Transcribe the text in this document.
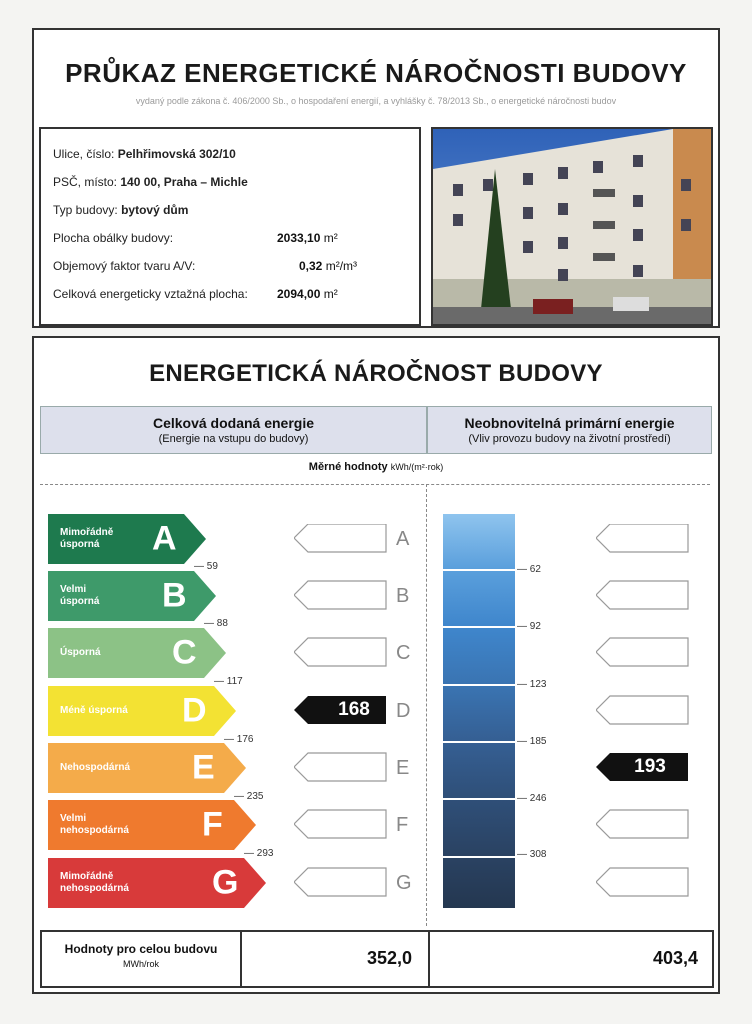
PRŮKAZ ENERGETICKÉ NÁROČNOSTI BUDOVY
vydaný podle zákona č. 406/2000 Sb., o hospodaření energií, a vyhlášky č. 78/2013 Sb., o energetické náročnosti budov
Ulice, číslo: Pelhřimovská 302/10
PSČ, místo: 140 00, Praha – Michle
Typ budovy: bytový dům
Plocha obálky budovy:	2033,10 m²
Objemový faktor tvaru A/V:	0,32 m²/m³
Celková energeticky vztažná plocha: 2094,00 m²
ENERGETICKÁ NÁROČNOST BUDOVY
Celková dodaná energie
(Energie na vstupu do budovy)
Neobnovitelná primární energie
(Vliv provozu budovy na životní prostředí)
Měrné hodnoty kWh/(m²·rok)
Mimořádně
úsporná	A
Velmi
úsporná B
Úsporná C
Méně úsporná D
Nehospodárná E
Velmi
nehospodárná F
Mimořádně
nehospodárná G
— 59
— 88
— 117
— 176
— 235
— 293
168
A
B
C
D
E
F
G
— 62
— 92
— 123
— 185
— 246
— 308
193
Hodnoty pro celou budovu
MWh/rok	352,0	403,4
